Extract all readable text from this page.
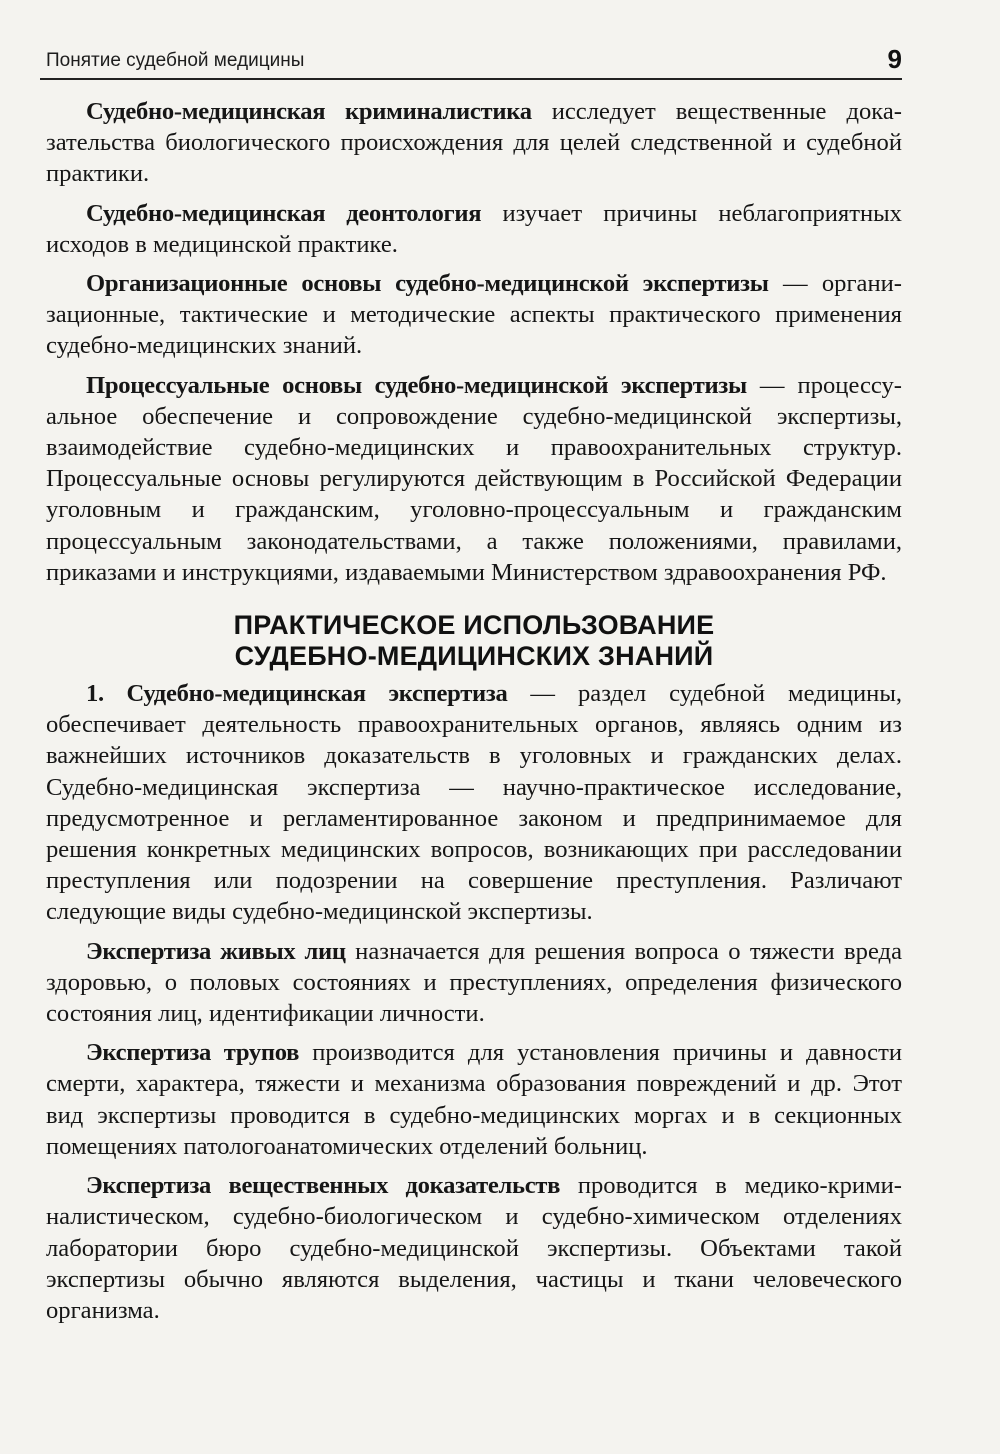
Понятие судебной медицины	9

Судебно-медицинская криминалистика исследует вещественные доказательства биологического происхождения для целей следственной и судебной практики.

Судебно-медицинская деонтология изучает причины неблагоприятных исходов в медицинской практике.

Организационные основы судебно-медицинской экспертизы — организационные, тактические и методические аспекты практического применения судебно-медицинских знаний.

Процессуальные основы судебно-медицинской экспертизы — процессуальное обеспечение и сопровождение судебно-медицинской экспертизы, взаимодействие судебно-медицинских и правоохранительных структур. Процессуальные основы регулируются действующим в Российской Федерации уголовным и гражданским, уголовно-процессуальным и гражданским процессуальным законодательствами, а также положениями, правилами, приказами и инструкциями, издаваемыми Министерством здравоохранения РФ.

ПРАКТИЧЕСКОЕ ИСПОЛЬЗОВАНИЕ
СУДЕБНО-МЕДИЦИНСКИХ ЗНАНИЙ

1. Судебно-медицинская экспертиза — раздел судебной медицины, обеспечивает деятельность правоохранительных органов, являясь одним из важнейших источников доказательств в уголовных и гражданских делах. Судебно-медицинская экспертиза — научно-практическое исследование, предусмотренное и регламентированное законом и предпринимаемое для решения конкретных медицинских вопросов, возникающих при расследовании преступления или подозрении на совершение преступления. Различают следующие виды судебно-медицинской экспертизы.

Экспертиза живых лиц назначается для решения вопроса о тяжести вреда здоровью, о половых состояниях и преступлениях, определения физического состояния лиц, идентификации личности.

Экспертиза трупов производится для установления причины и давности смерти, характера, тяжести и механизма образования повреждений и др. Этот вид экспертизы проводится в судебно-медицинских моргах и в секционных помещениях патологоанатомических отделений больниц.

Экспертиза вещественных доказательств проводится в медико-криминалистическом, судебно-биологическом и судебно-химическом отделениях лаборатории бюро судебно-медицинской экспертизы. Объектами такой экспертизы обычно являются выделения, частицы и ткани человеческого организма.
